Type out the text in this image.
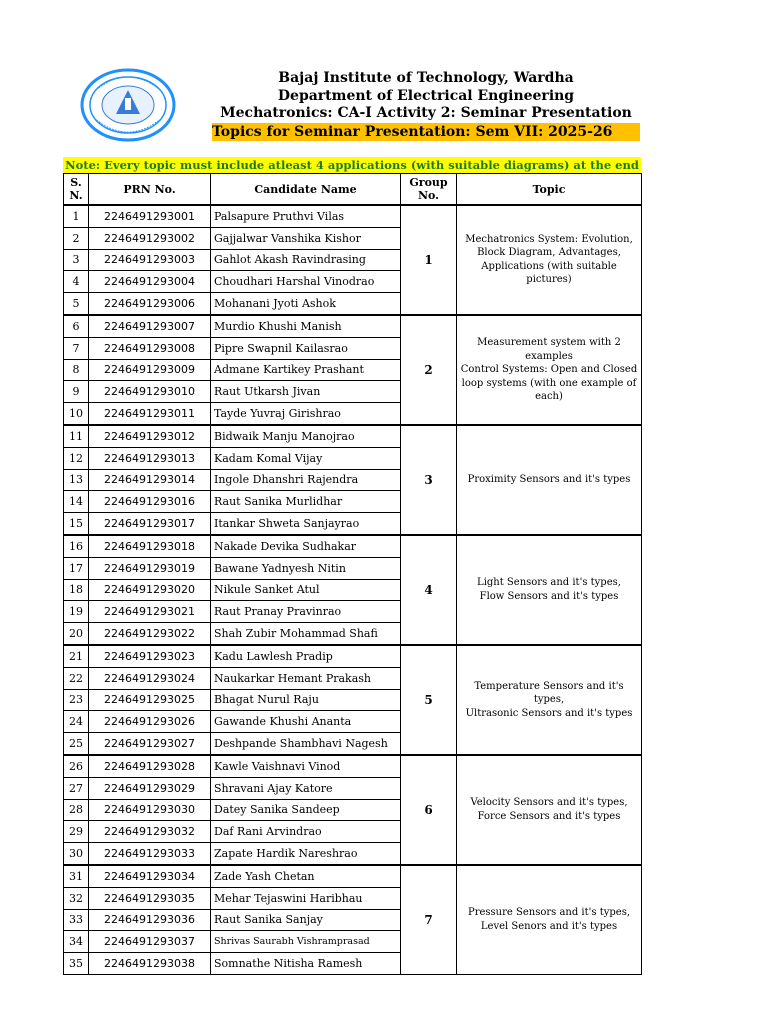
Bajaj Institute of Technology, Wardha
Department of Electrical Engineering
Mechatronics: CA-I Activity 2: Seminar Presentation
Topics for Seminar Presentation: Sem VII: 2025-26
Note: Every topic must include atleast 4 applications (with suitable diagrams) at the end
S. N.	PRN No.	Candidate Name	Group No.	Topic
1	2246491293001	Palsapure Pruthvi Vilas	1	Mechatronics System: Evolution, Block Diagram, Advantages, Applications (with suitable pictures)
2	2246491293002	Gajjalwar Vanshika Kishor		
3	2246491293003	Gahlot Akash Ravindrasing		
4	2246491293004	Choudhari Harshal Vinodrao		
5	2246491293006	Mohanani Jyoti Ashok		
6	2246491293007	Murdio Khushi Manish	2	Measurement system with 2 examples
Control Systems: Open and Closed loop systems (with one example of each)
7	2246491293008	Pipre Swapnil Kailasrao		
8	2246491293009	Admane Kartikey Prashant		
9	2246491293010	Raut Utkarsh Jivan		
10	2246491293011	Tayde Yuvraj Girishrao		
11	2246491293012	Bidwaik Manju Manojrao	3	Proximity Sensors and it's types
12	2246491293013	Kadam Komal Vijay		
13	2246491293014	Ingole Dhanshri Rajendra		
14	2246491293016	Raut Sanika Murlidhar		
15	2246491293017	Itankar Shweta Sanjayrao		
16	2246491293018	Nakade Devika Sudhakar	4	Light Sensors and it's types,
Flow Sensors and it's types
17	2246491293019	Bawane Yadnyesh Nitin		
18	2246491293020	Nikule Sanket Atul		
19	2246491293021	Raut Pranay Pravinrao		
20	2246491293022	Shah Zubir Mohammad Shafi		
21	2246491293023	Kadu Lawlesh Pradip	5	Temperature Sensors and it's types,
Ultrasonic Sensors and it's types
22	2246491293024	Naukarkar Hemant Prakash		
23	2246491293025	Bhagat Nurul Raju		
24	2246491293026	Gawande Khushi Ananta		
25	2246491293027	Deshpande Shambhavi Nagesh		
26	2246491293028	Kawle Vaishnavi Vinod	6	Velocity Sensors and it's types,
Force Sensors and it's types
27	2246491293029	Shravani Ajay Katore		
28	2246491293030	Datey Sanika Sandeep		
29	2246491293032	Daf Rani Arvindrao		
30	2246491293033	Zapate Hardik Nareshrao		
31	2246491293034	Zade Yash Chetan	7	Pressure Sensors and it's types,
Level Senors and it's types
32	2246491293035	Mehar Tejaswini Haribhau		
33	2246491293036	Raut Sanika Sanjay		
34	2246491293037	Shrivas Saurabh Vishramprasad		
35	2246491293038	Somnathe Nitisha Ramesh		
